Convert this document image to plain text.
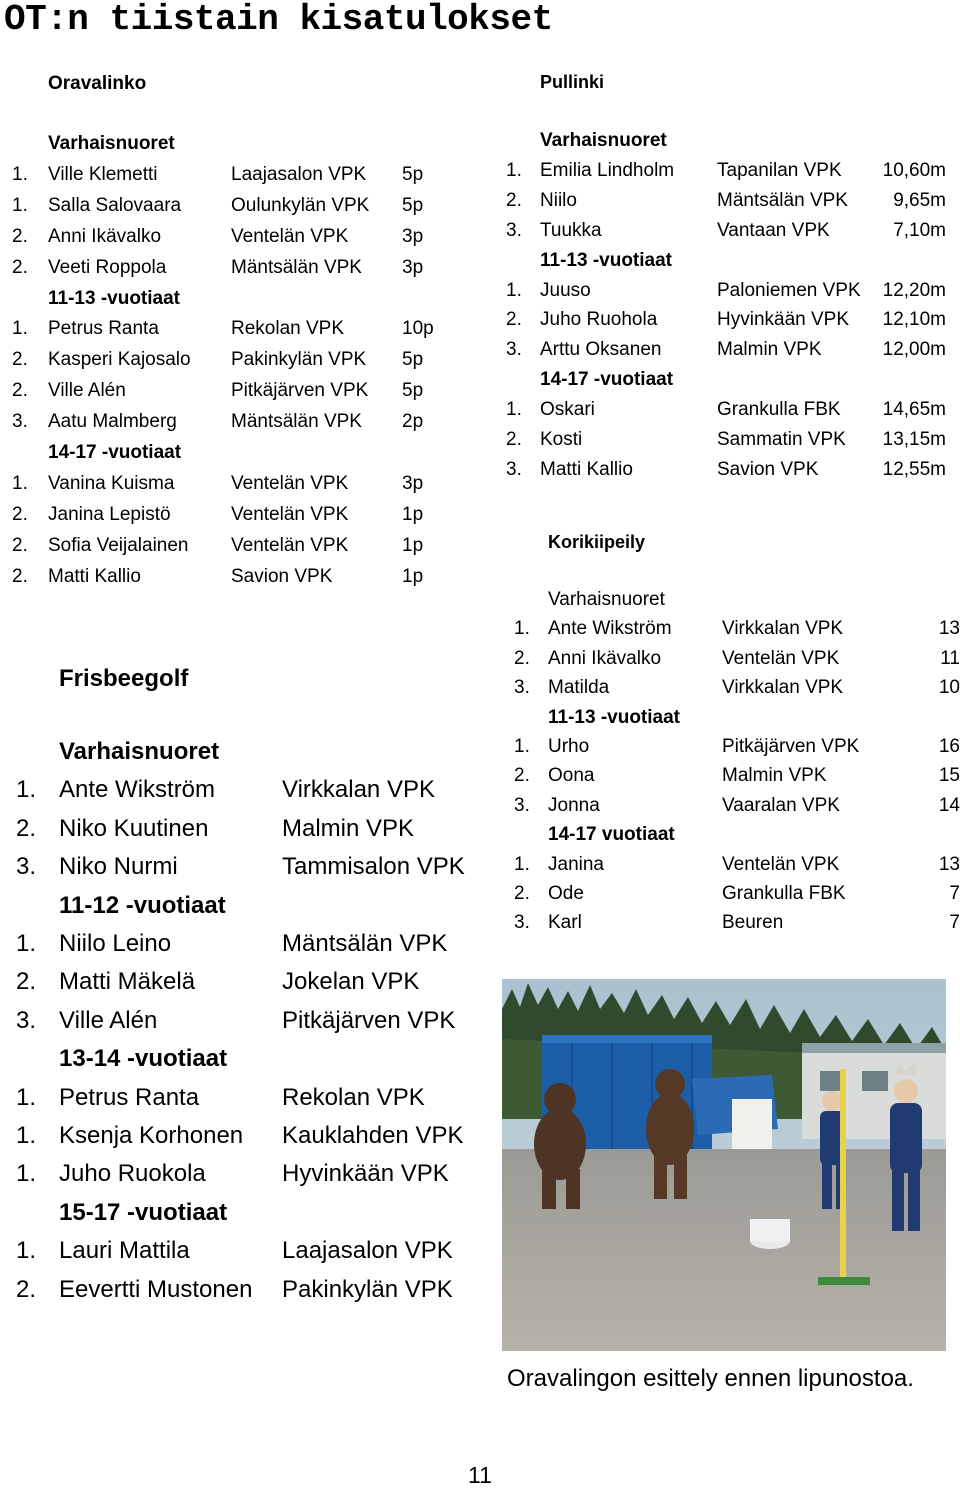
OT:n tiistain kisatulokset
Oravalinko
Varhaisnuoret
1. Ville Klemetti	Laajasalon VPK 5p
1. Salla Salovaara	Oulunkylän VPK 5p
2. Anni Ikävalko	Ventelän VPK	3p
2. Veeti Roppola	Mäntsälän VPK 3p
11-13 -vuotiaat
1. Petrus Ranta	Rekolan VPK	10p
2. Kasperi Kajosalo Pakinkylän VPK 5p
2. Ville Alén	Pitkäjärven VPK 5p
3. Aatu Malmberg	Mäntsälän VPK 2p
14-17 -vuotiaat
1. Vanina Kuisma	Ventelän VPK	3p
2. Janina Lepistö	Ventelän VPK	1p
2. Sofia Veijalainen Ventelän VPK	1p
2. Matti Kallio	Savion VPK	1p
Frisbeegolf
Varhaisnuoret
1. Ante Wikström	Virkkalan VPK
2. Niko Kuutinen	Malmin VPK
3. Niko Nurmi	Tammisalon VPK
11-12 -vuotiaat
1. Niilo Leino	Mäntsälän VPK
2. Matti Mäkelä	Jokelan VPK
3. Ville Alén	Pitkäjärven VPK
13-14 -vuotiaat
1. Petrus Ranta	Rekolan VPK
1. Ksenja Korhonen Kauklahden VPK
1. Juho Ruokola	Hyvinkään VPK
15-17 -vuotiaat
1. Lauri Mattila	Laajasalon VPK
2. Eevertti Mustonen Pakinkylän VPK
Pullinki
Varhaisnuoret
1. Emilia Lindholm Tapanilan VPK 10,60m
2. Niilo	Mäntsälän VPK 9,65m
3. Tuukka	Vantaan VPK	7,10m
11-13 -vuotiaat
1. Juuso	Paloniemen VPK 12,20m
2. Juho Ruohola	Hyvinkään VPK 12,10m
3. Arttu Oksanen	Malmin VPK	12,00m
14-17 -vuotiaat
1. Oskari	Grankulla FBK 14,65m
2. Kosti	Sammatin VPK 13,15m
3. Matti Kallio	Savion VPK	12,55m
Korikiipeily
Varhaisnuoret
1. Ante Wikström	Virkkalan VPK	13
2. Anni Ikävalko	Ventelän VPK	11
3. Matilda	Virkkalan VPK	10
11-13 -vuotiaat
1. Urho	Pitkäjärven VPK	16
2. Oona	Malmin VPK	15
3. Jonna	Vaaralan VPK	14
14-17 vuotiaat
1. Janina	Ventelän VPK	13
2. Ode	Grankulla FBK	7
3. Karl	Beuren	7
Oravalingon esittely ennen lipunostoa.
11
